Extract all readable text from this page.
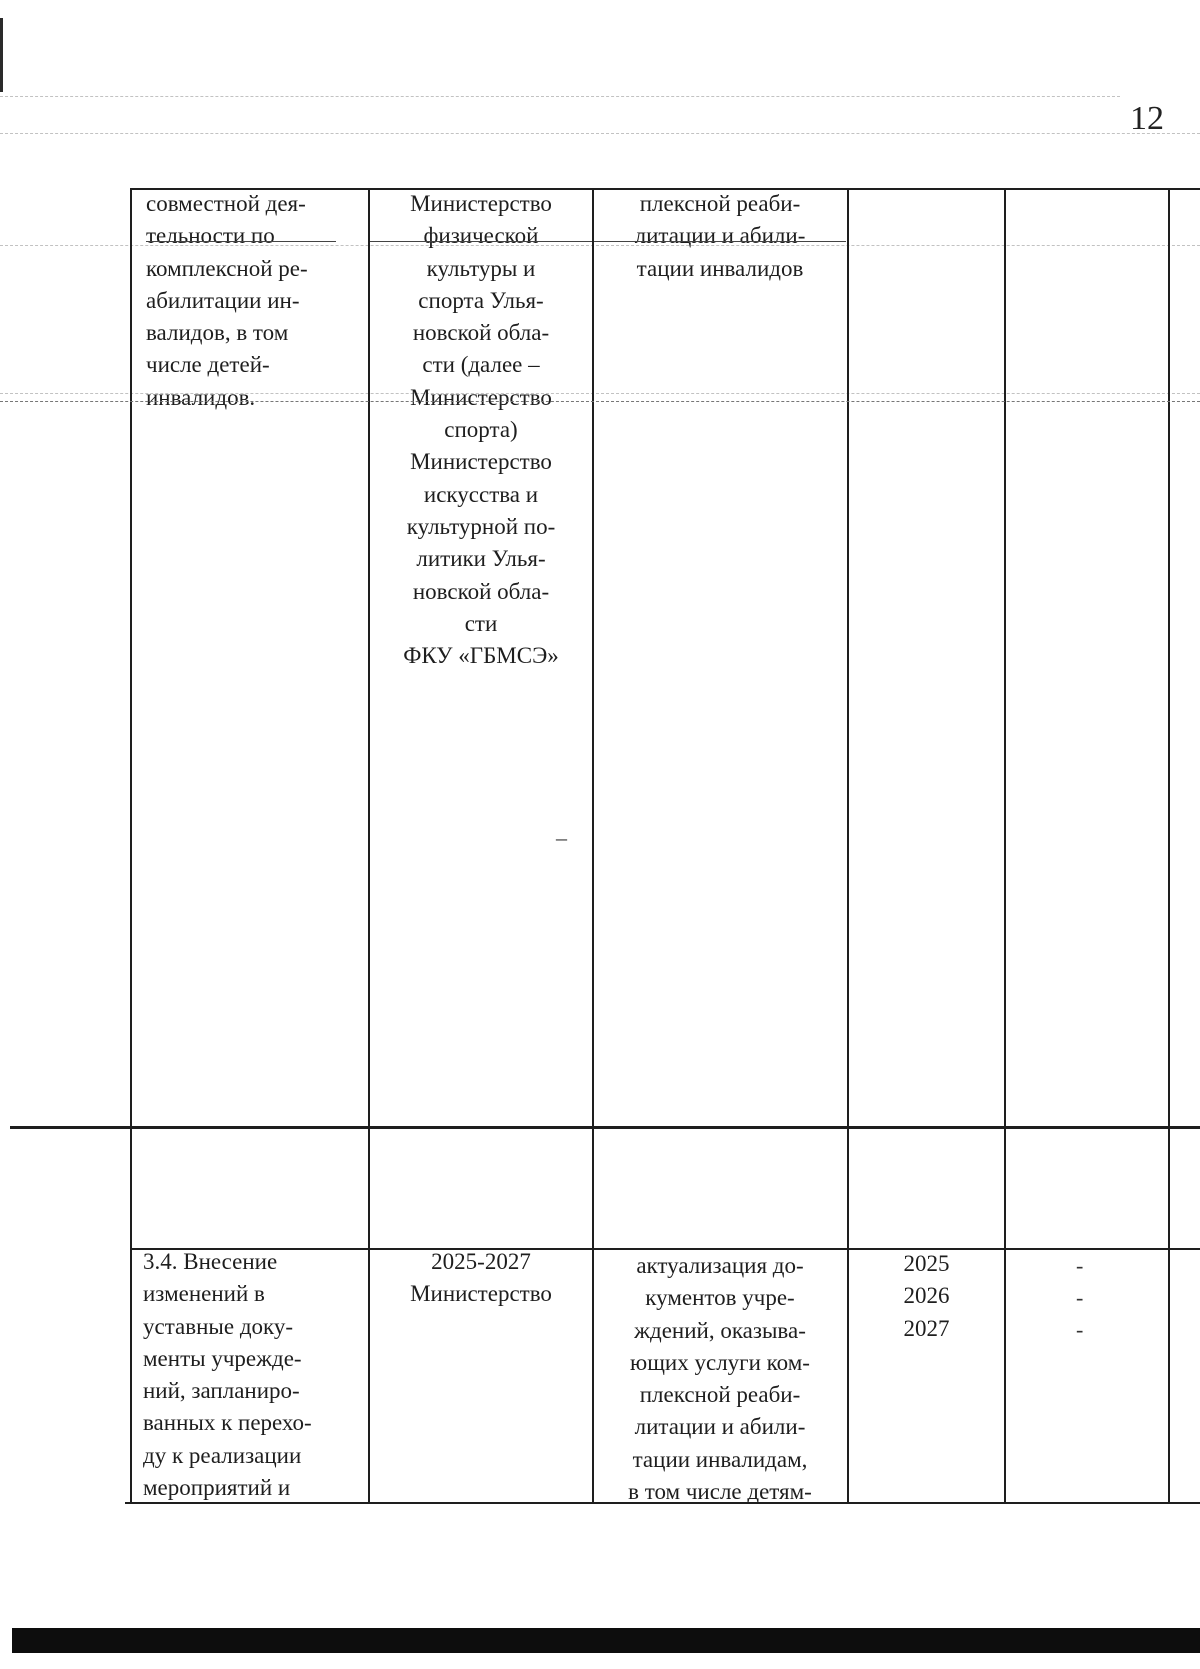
12
совместной дея-
тельности по
комплексной ре-
абилитации ин-
валидов, в том
числе детей-
инвалидов.
Министерство
физической
культуры и
спорта Улья-
новской обла-
сти (далее –
Министерство
спорта)
Министерство
искусства и
культурной по-
литики Улья-
новской обла-
сти
ФКУ «ГБМСЭ»
плексной реаби-
литации и абили-
тации инвалидов
–
3.4. Внесение
изменений в
уставные доку-
менты учрежде-
ний, запланиро-
ванных к перехо-
ду к реализации
мероприятий и
2025-2027
Министерство
актуализация до-
кументов учре-
ждений, оказыва-
ющих услуги ком-
плексной реаби-
литации и абили-
тации инвалидам,
в том числе детям-
2025
2026
2027
-
-
-
